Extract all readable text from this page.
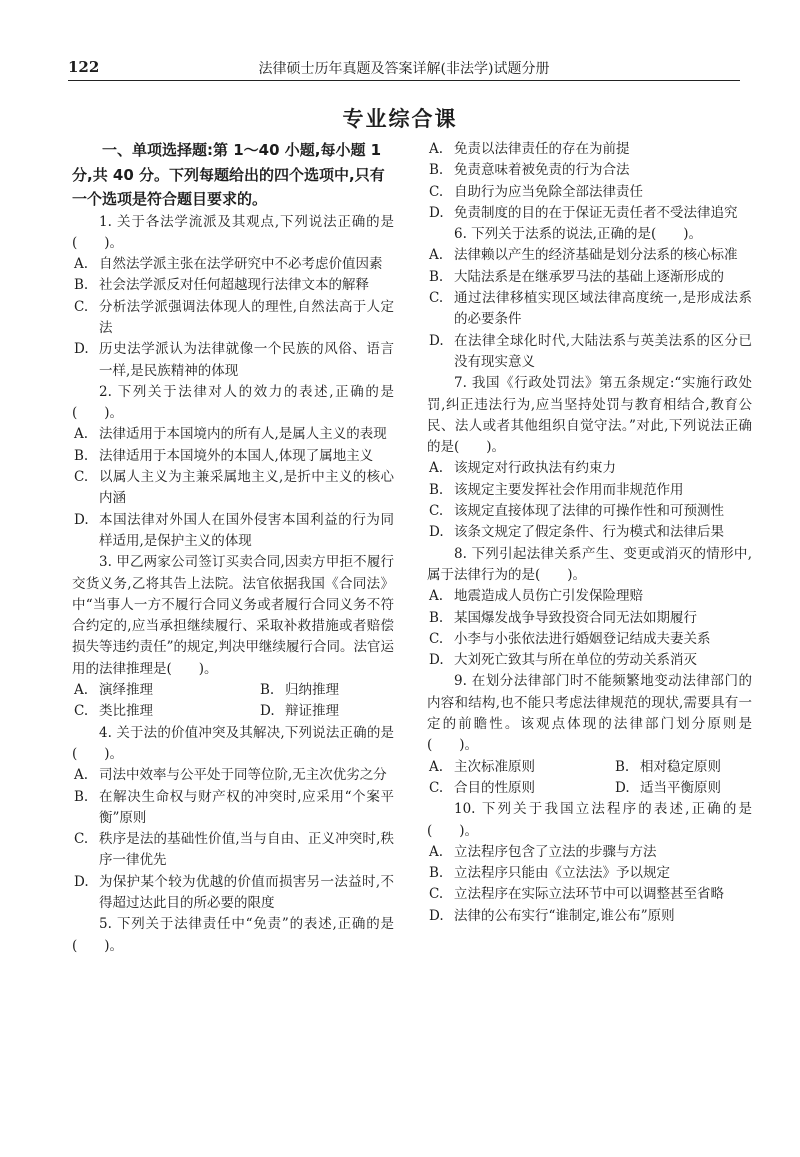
122	法律硕士历年真题及答案详解(非法学)试题分册
专业综合课

一、单项选择题:第 1～40 小题,每小题 1 分,共 40 分。下列每题给出的四个选项中,只有一个选项是符合题目要求的。

1. 关于各法学流派及其观点,下列说法正确的是(　　)。

A. 自然法学派主张在法学研究中不必考虑价值因素
B. 社会法学派反对任何超越现行法律文本的解释
C. 分析法学派强调法体现人的理性,自然法高于人定法
D. 历史法学派认为法律就像一个民族的风俗、语言一样,是民族精神的体现

2. 下列关于法律对人的效力的表述,正确的是(　　)。

A. 法律适用于本国境内的所有人,是属人主义的表现
B. 法律适用于本国境外的本国人,体现了属地主义
C. 以属人主义为主兼采属地主义,是折中主义的核心内涵
D. 本国法律对外国人在国外侵害本国利益的行为同样适用,是保护主义的体现

3. 甲乙两家公司签订买卖合同,因卖方甲拒不履行交货义务,乙将其告上法院。法官依据我国《合同法》中“当事人一方不履行合同义务或者履行合同义务不符合约定的,应当承担继续履行、采取补救措施或者赔偿损失等违约责任”的规定,判决甲继续履行合同。法官运用的法律推理是(　　)。

A. 演绎推理	B. 归纳推理
C. 类比推理	D. 辩证推理

4. 关于法的价值冲突及其解决,下列说法正确的是(　　)。

A. 司法中效率与公平处于同等位阶,无主次优劣之分
B. 在解决生命权与财产权的冲突时,应采用“个案平衡”原则
C. 秩序是法的基础性价值,当与自由、正义冲突时,秩序一律优先
D. 为保护某个较为优越的价值而损害另一法益时,不得超过达此目的所必要的限度

5. 下列关于法律责任中“免责”的表述,正确的是(　　)。

A. 免责以法律责任的存在为前提
B. 免责意味着被免责的行为合法
C. 自助行为应当免除全部法律责任
D. 免责制度的目的在于保证无责任者不受法律追究

6. 下列关于法系的说法,正确的是(　　)。

A. 法律赖以产生的经济基础是划分法系的核心标准
B. 大陆法系是在继承罗马法的基础上逐渐形成的
C. 通过法律移植实现区域法律高度统一,是形成法系的必要条件
D. 在法律全球化时代,大陆法系与英美法系的区分已没有现实意义

7. 我国《行政处罚法》第五条规定:“实施行政处罚,纠正违法行为,应当坚持处罚与教育相结合,教育公民、法人或者其他组织自觉守法。”对此,下列说法正确的是(　　)。

A. 该规定对行政执法有约束力
B. 该规定主要发挥社会作用而非规范作用
C. 该规定直接体现了法律的可操作性和可预测性
D. 该条文规定了假定条件、行为模式和法律后果

8. 下列引起法律关系产生、变更或消灭的情形中,属于法律行为的是(　　)。

A. 地震造成人员伤亡引发保险理赔
B. 某国爆发战争导致投资合同无法如期履行
C. 小李与小张依法进行婚姻登记结成夫妻关系
D. 大刘死亡致其与所在单位的劳动关系消灭

9. 在划分法律部门时不能频繁地变动法律部门的内容和结构,也不能只考虑法律规范的现状,需要具有一定的前瞻性。该观点体现的法律部门划分原则是(　　)。

A. 主次标准原则	B. 相对稳定原则
C. 合目的性原则	D. 适当平衡原则

10. 下列关于我国立法程序的表述,正确的是(　　)。

A. 立法程序包含了立法的步骤与方法
B. 立法程序只能由《立法法》予以规定
C. 立法程序在实际立法环节中可以调整甚至省略
D. 法律的公布实行“谁制定,谁公布”原则
